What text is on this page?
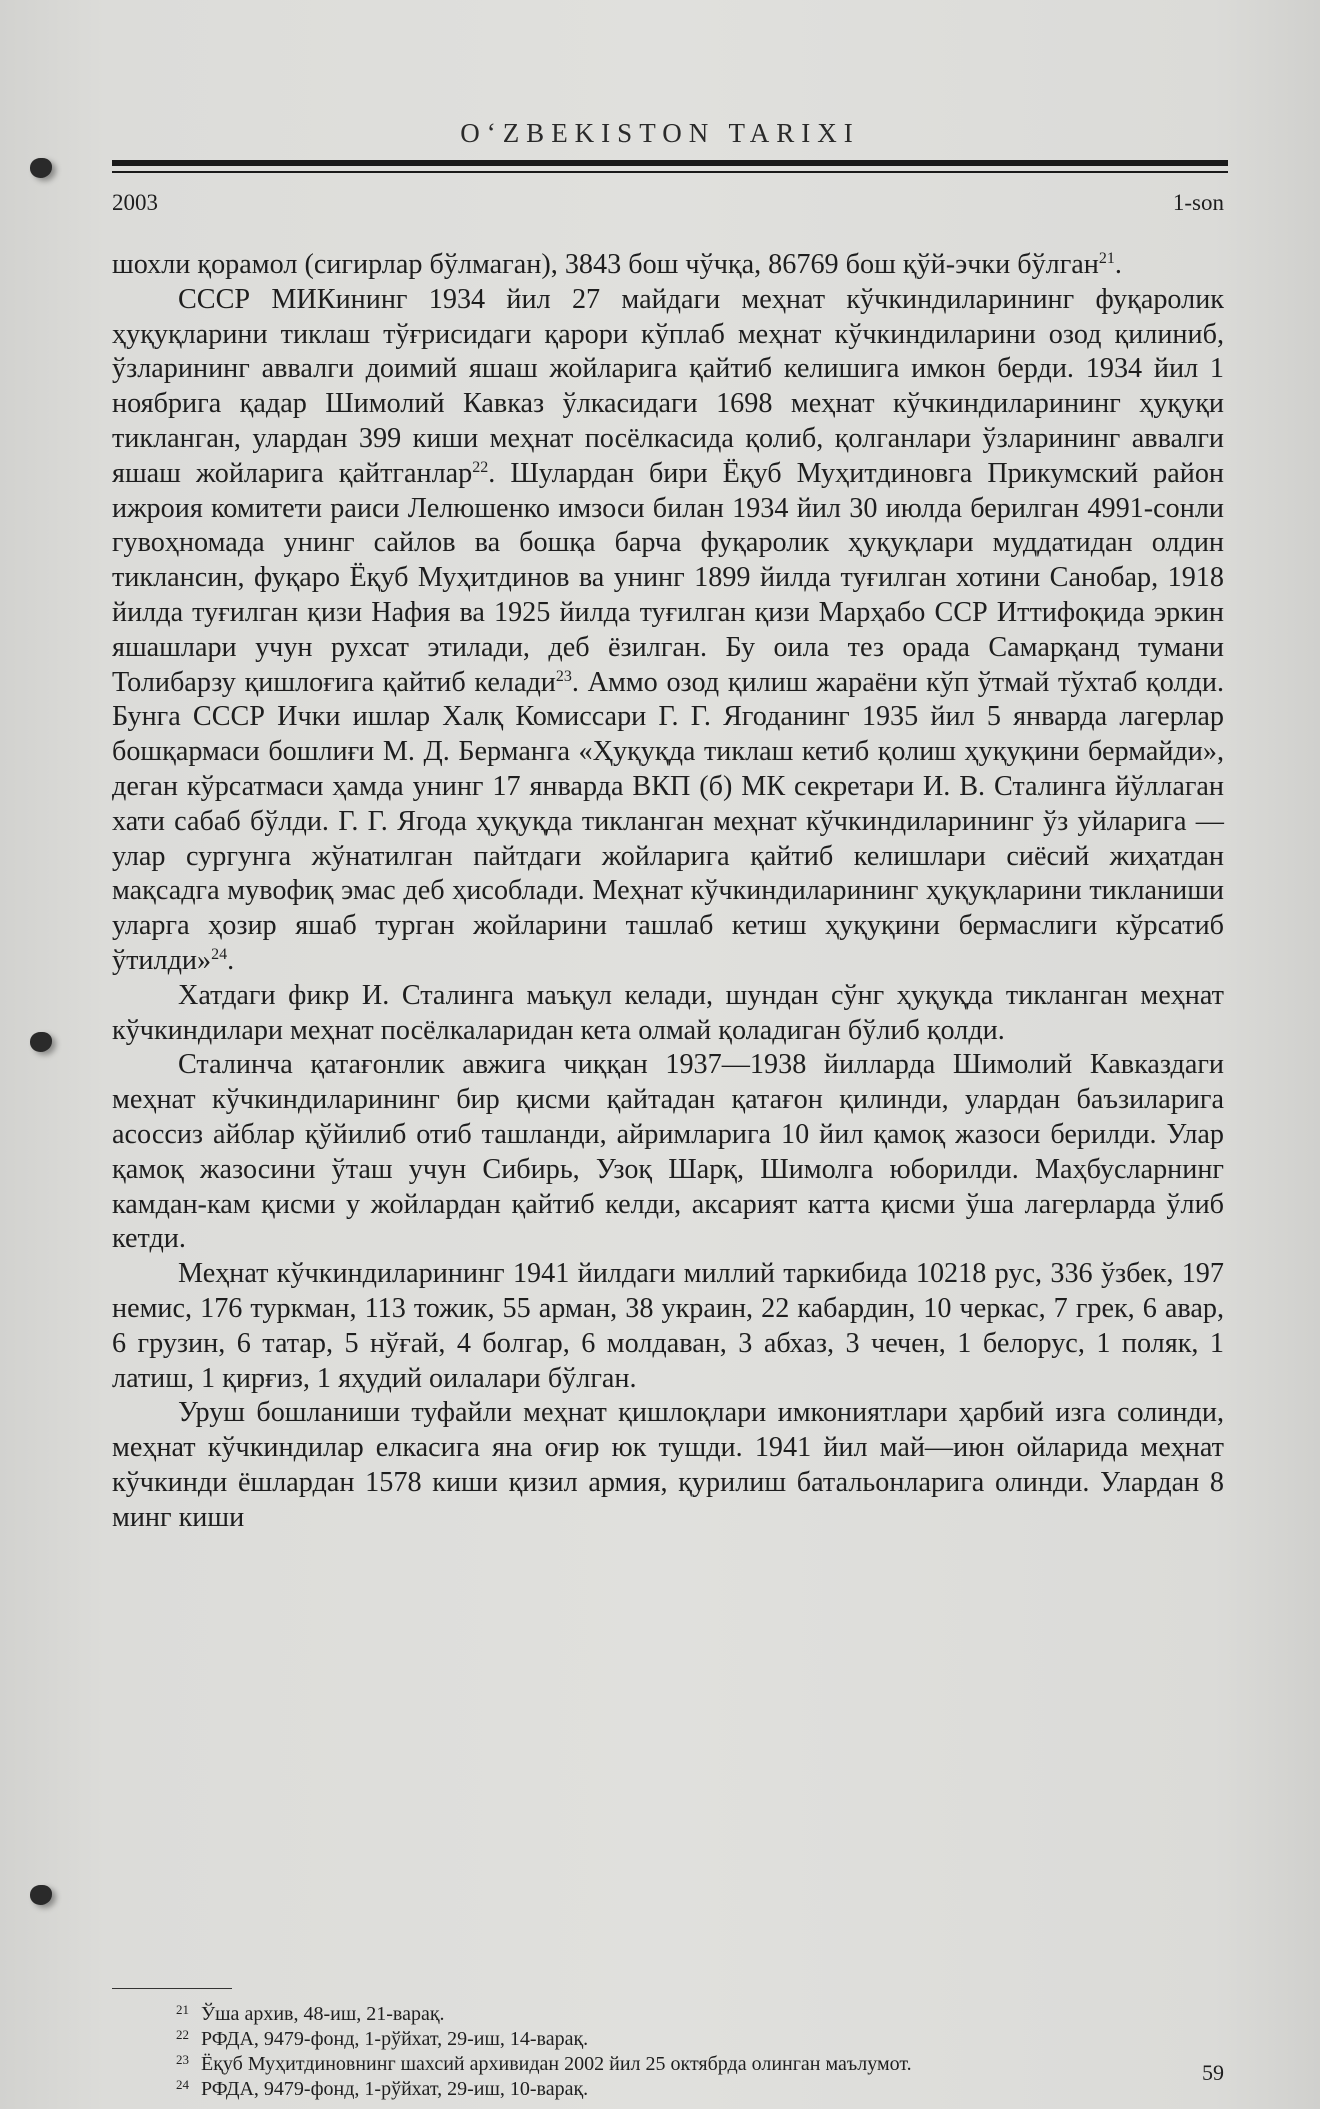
OʻZBEKISTON TARIXI
2003	1-son

шохли қорамол (сигирлар бўлмаган), 3843 бош чўчқа, 86769 бош қўй-эчки бўлган$^{21}$.

СССР МИКининг 1934 йил 27 майдаги меҳнат кўчкиндиларининг фуқаролик ҳуқуқларини тиклаш тўғрисидаги қарори кўплаб меҳнат кўчкиндиларини озод қилиниб, ўзларининг аввалги доимий яшаш жойларига қайтиб келишига имкон берди. 1934 йил 1 ноябрига қадар Шимолий Кавказ ўлкасидаги 1698 меҳнат кўчкиндиларининг ҳуқуқи тикланган, улардан 399 киши меҳнат посёлкасида қолиб, қолганлари ўзларининг аввалги яшаш жойларига қайтганлар$^{22}$. Шулардан бири Ёқуб Муҳитдиновга Прикумский район ижроия комитети раиси Лелюшенко имзоси билан 1934 йил 30 июлда берилган 4991-сонли гувоҳномада унинг сайлов ва бошқа барча фуқаролик ҳуқуқлари муддатидан олдин тиклансин, фуқаро Ёқуб Муҳитдинов ва унинг 1899 йилда туғилган хотини Санобар, 1918 йилда туғилган қизи Нафия ва 1925 йилда туғилган қизи Марҳабо ССР Иттифоқида эркин яшашлари учун рухсат этилади, деб ёзилган. Бу оила тез орада Самарқанд тумани Толибарзу қишлоғига қайтиб келади$^{23}$. Аммо озод қилиш жараёни кўп ўтмай тўхтаб қолди. Бунга СССР Ички ишлар Халқ Комиссари Г. Г. Ягоданинг 1935 йил 5 январда лагерлар бошқармаси бошлиғи М. Д. Берманга «Ҳуқуқда тиклаш кетиб қолиш ҳуқуқини бермайди», деган кўрсатмаси ҳамда унинг 17 январда ВКП (б) МК секретари И. В. Сталинга йўллаган хати сабаб бўлди. Г. Г. Ягода ҳуқуқда тикланган меҳнат кўчкиндиларининг ўз уйларига — улар сургунга жўнатилган пайтдаги жойларига қайтиб келишлари сиёсий жиҳатдан мақсадга мувофиқ эмас деб ҳисоблади. Меҳнат кўчкиндиларининг ҳуқуқларини тикланиши уларга ҳозир яшаб турган жойларини ташлаб кетиш ҳуқуқини бермаслиги кўрсатиб ўтилди»$^{24}$.

Хатдаги фикр И. Сталинга маъқул келади, шундан сўнг ҳуқуқда тикланган меҳнат кўчкиндилари меҳнат посёлкаларидан кета олмай қоладиган бўлиб қолди.

Сталинча қатағонлик авжига чиққан 1937—1938 йилларда Шимолий Кавказдаги меҳнат кўчкиндиларининг бир қисми қайтадан қатағон қилинди, улардан баъзиларига асоссиз айблар қўйилиб отиб ташланди, айримларига 10 йил қамоқ жазоси берилди. Улар қамоқ жазосини ўташ учун Сибирь, Узоқ Шарқ, Шимолга юборилди. Маҳбусларнинг камдан-кам қисми у жойлардан қайтиб келди, аксарият катта қисми ўша лагерларда ўлиб кетди.

Меҳнат кўчкиндиларининг 1941 йилдаги миллий таркибида 10218 рус, 336 ўзбек, 197 немис, 176 туркман, 113 тожик, 55 арман, 38 украин, 22 кабардин, 10 черкас, 7 грек, 6 авар, 6 грузин, 6 татар, 5 нўғай, 4 болгар, 6 молдаван, 3 абхаз, 3 чечен, 1 белорус, 1 поляк, 1 латиш, 1 қирғиз, 1 яҳудий оилалари бўлган.

Уруш бошланиши туфайли меҳнат қишлоқлари имкониятлари ҳарбий изга солинди, меҳнат кўчкиндилар елкасига яна оғир юк тушди. 1941 йил май—июн ойларида меҳнат кўчкинди ёшлардан 1578 киши қизил армия, қурилиш батальонларига олинди. Улардан 8 минг киши

$^{21}$ Ўша архив, 48-иш, 21-варақ.
$^{22}$ РФДА, 9479-фонд, 1-рўйхат, 29-иш, 14-варақ.
$^{23}$ Ёқуб Муҳитдиновнинг шахсий архивидан 2002 йил 25 октябрда олинган маълумот.
$^{24}$ РФДА, 9479-фонд, 1-рўйхат, 29-иш, 10-варақ.
59
